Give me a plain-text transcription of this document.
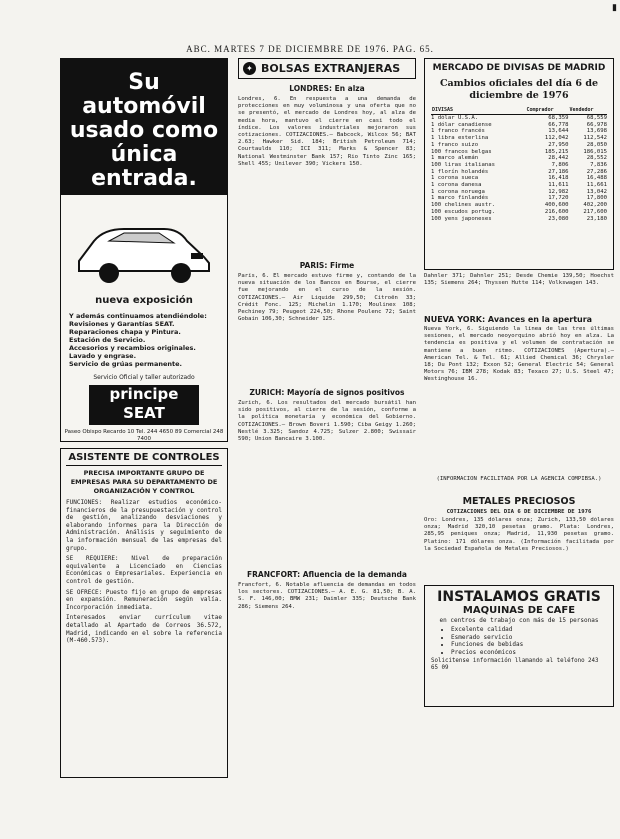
▮
ABC. MARTES 7 DE DICIEMBRE DE 1976. PAG. 65.
Su automóvil usado como única entrada.
nueva exposición
Y además continuamos atendiéndole:
Revisiones y Garantías SEAT.
Reparaciones chapa y Pintura.
Estación de Servicio.
Accesorios y recambios originales.
Lavado y engrase.
Servicio de grúas permanente.
Servicio Oficial y taller autorizado
principe SEAT
Paseo Obispo Recardo 10 Tel. 244 4650 89 Comercial 248 7400
ASISTENTE DE CONTROLES
PRECISA IMPORTANTE GRUPO DE EMPRESAS PARA SU DEPARTAMENTO DE ORGANIZACIÓN Y CONTROL

FUNCIONES: Realizar estudios económico-financieros de la presupuestación y control de gestión, analizando desviaciones y elaborando informes para la Dirección de Administración. Análisis y seguimiento de la información mensual de las empresas del grupo.

SE REQUIERE: Nivel de preparación equivalente a Licenciado en Ciencias Económicas o Empresariales. Experiencia en control de gestión.

SE OFRECE: Puesto fijo en grupo de empresas en expansión. Remuneración según valía. Incorporación inmediata.

Interesados enviar currículum vitae detallado al Apartado de Correos 36.572, Madrid, indicando en el sobre la referencia (M-460.573).

✦ BOLSAS EXTRANJERAS
LONDRES: En alza
Londres, 6. En respuesta a una demanda de protecciones en muy voluminosa y una oferta que no se presentó, el mercado de Londres hoy, al alza de media hora, mantuvo el cierre en casi todo el índice. Los valores industriales mejoraron sus cotizaciones. COTIZACIONES.— Babcock, Wilcox 56; BAT 2.63; Hawker Sid. 184; British Petroleum 714; Courtaulds 110; ICI 311; Marks & Spencer 83; National Westminster Bank 157; Rio Tinto Zinc 165; Shell 455; Unilever 390; Vickers 150.
PARIS: Firme
París, 6. El mercado estuvo firme y, contando de la nueva situación de los Bancos en Bourse, el cierre fue mejorando en el curso de la sesión. COTIZACIONES.— Air Liquide 299,50; Citroën 33; Crédit Fonc. 125; Michelin 1.170; Moulinex 108; Pechiney 79; Peugeot 224,50; Rhone Poulenc 72; Saint Gobain 106,30; Schneider 125.
ZURICH: Mayoría de signos positivos
Zurich, 6. Los resultados del mercado bursátil han sido positivos, al cierre de la sesión, conforme a la política monetaria y económica del Gobierno. COTIZACIONES.— Brown Boveri 1.590; Ciba Geigy 1.260; Nestlé 3.325; Sandoz 4.725; Sulzer 2.800; Swissair 590; Union Bancaire 3.100.
FRANCFORT: Afluencia de la demanda
Francfort, 6. Notable afluencia de demandas en todos los sectores. COTIZACIONES.— A. E. G. 81,50; B. A. S. F. 146,00; BMW 231; Daimler 335; Deutsche Bank 286; Siemens 264.
MERCADO DE DIVISAS DE MADRID
Cambios oficiales del día 6 de diciembre de 1976
DIVISAS	Comprador	Vendedor
1 dólar U.S.A.	68,359	68,559
1 dólar canadiense	66,778	66,978
1 franco francés	13,644	13,698
1 libra esterlina	112,042	112,542
1 franco suizo	27,950	28,050
100 francos belgas	185,215	186,015
1 marco alemán	28,442	28,552
100 liras italianas	7,806	7,836
1 florín holandés	27,186	27,286
1 corona sueca	16,418	16,488
1 corona danesa	11,611	11,661
1 corona noruega	12,982	13,042
1 marco finlandés	17,720	17,800
100 chelines austr.	400,600	402,200
100 escudos portug.	216,600	217,600
100 yens japoneses	23,080	23,180
Dahnler 371; Dahnler 251; Desde Chemie 139,50; Hoechst 135; Siemens 264; Thyssen Hutte 114; Volkswagen 143.
NUEVA YORK: Avances en la apertura
Nueva York, 6. Siguiendo la línea de las tres últimas sesiones, el mercado neoyorquino abrió hoy en alza. La tendencia es positiva y el volumen de contratación se mantiene a buen ritmo. COTIZACIONES (Apertura).— American Tel. & Tel. 61; Allied Chemical 36; Chrysler 18; Du Pont 132; Exxon 52; General Electric 54; General Motors 76; IBM 278; Kodak 83; Texaco 27; U.S. Steel 47; Westinghouse 16.
(INFORMACIÓN FACILITADA POR LA AGENCIA COMPIBSA.)
METALES PRECIOSOS
COTIZACIONES DEL DÍA 6 DE DICIEMBRE DE 1976
Oro: Londres, 135 dólares onza; Zurich, 133,50 dólares onza; Madrid 320,10 pesetas gramo. Plata: Londres, 285,95 peniques onza; Madrid, 11,930 pesetas gramo. Platino: 171 dólares onza. (Información facilitada por la Sociedad Española de Metales Preciosos.)
INSTALAMOS GRATIS
MAQUINAS DE CAFE
en centros de trabajo con más de 15 personas
• Excelente calidad
• Esmerado servicio
• Funciones de bebidas
• Precios económicos
Solicitense información llamando al teléfono 243 65 09
